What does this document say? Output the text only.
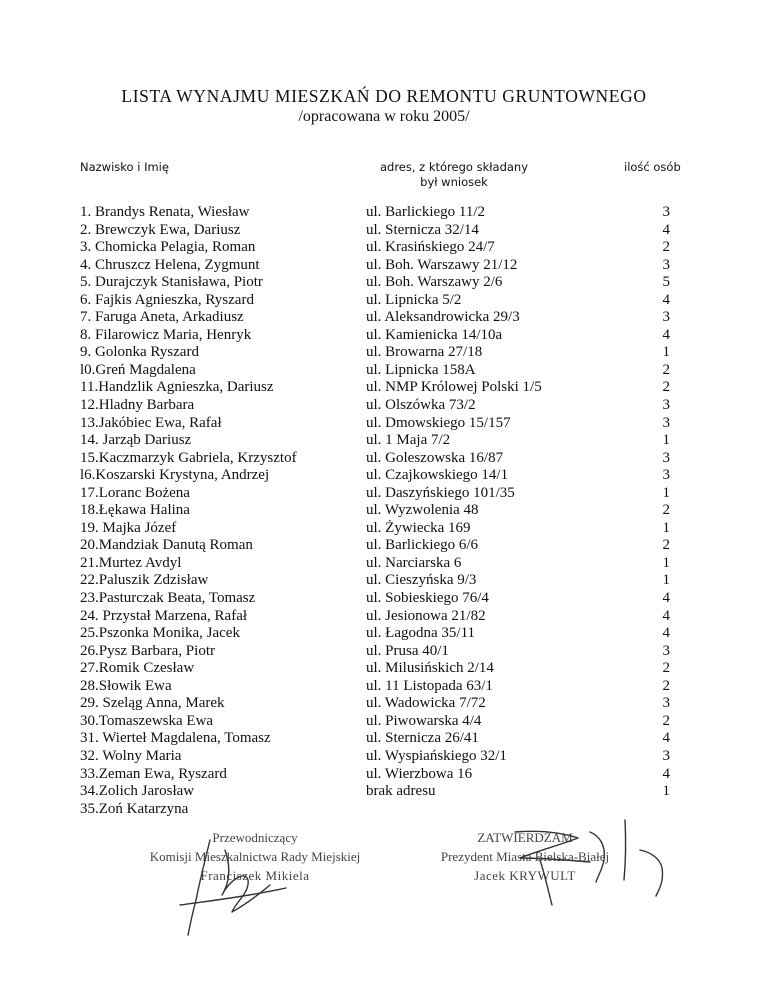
LISTA WYNAJMU MIESZKAŃ DO REMONTU GRUNTOWNEGO
/opracowana w roku 2005/
Nazwisko i Imię	adres, z którego składany
był wniosek
ilość osób
1. Brandys Renata, Wiesław	ul. Barlickiego 11/2	3
2. Brewczyk Ewa, Dariusz	ul. Sternicza 32/14	4
3. Chomicka Pelagia, Roman	ul. Krasińskiego 24/7	2
4. Chruszcz Helena, Zygmunt	ul. Boh. Warszawy 21/12	3
5. Durajczyk Stanisława, Piotr	ul. Boh. Warszawy 2/6	5
6. Fajkis Agnieszka, Ryszard	ul. Lipnicka 5/2	4
7. Faruga Aneta, Arkadiusz	ul. Aleksandrowicka 29/3	3
8. Filarowicz Maria, Henryk	ul. Kamienicka 14/10a	4
9. Golonka Ryszard	ul. Browarna 27/18	1
l0.Greń Magdalena	ul. Lipnicka 158A	2
11.Handzlik Agnieszka, Dariusz	ul. NMP Królowej Polski 1/5	2
12.Hladny Barbara	ul. Olszówka 73/2	3
13.Jakóbiec Ewa, Rafał	ul. Dmowskiego 15/157	3
14. Jarząb Dariusz	ul. 1 Maja 7/2	1
15.Kaczmarzyk Gabriela, Krzysztof	ul. Goleszowska 16/87	3
l6.Koszarski Krystyna, Andrzej	ul. Czajkowskiego 14/1	3
17.Loranc Bożena	ul. Daszyńskiego 101/35	1
18.Łękawa Halina	ul. Wyzwolenia 48	2
19. Majka Józef	ul. Żywiecka 169	1
20.Mandziak Danutą Roman	ul. Barlickiego 6/6	2
21.Murtez Avdyl	ul. Narciarska 6	1
22.Paluszik Zdzisław	ul. Cieszyńska 9/3	1
23.Pasturczak Beata, Tomasz	ul. Sobieskiego 76/4	4
24. Przystał Marzena, Rafał	ul. Jesionowa 21/82	4
25.Pszonka Monika, Jacek	ul. Łagodna 35/11	4
26.Pysz Barbara, Piotr	ul. Prusa 40/1	3
27.Romik Czesław	ul. Milusińskich 2/14	2
28.Słowik Ewa	ul. 11 Listopada 63/1	2
29. Szeląg Anna, Marek	ul. Wadowicka 7/72	3
30.Tomaszewska Ewa	ul. Piwowarska 4/4	2
31. Wierteł Magdalena, Tomasz	ul. Sternicza 26/41	4
32. Wolny Maria	ul. Wyspiańskiego 32/1	3
33.Zeman Ewa, Ryszard	ul. Wierzbowa 16	4
34.Zolich Jarosław	brak adresu	1
35.Zoń Katarzyna
Przewodniczący
Komisji Mieszkalnictwa Rady Miejskiej
Franciszek Mikiela
ZATWIERDZAM
Prezydent Miasta Bielska-Białej
Jacek KRYWULT
